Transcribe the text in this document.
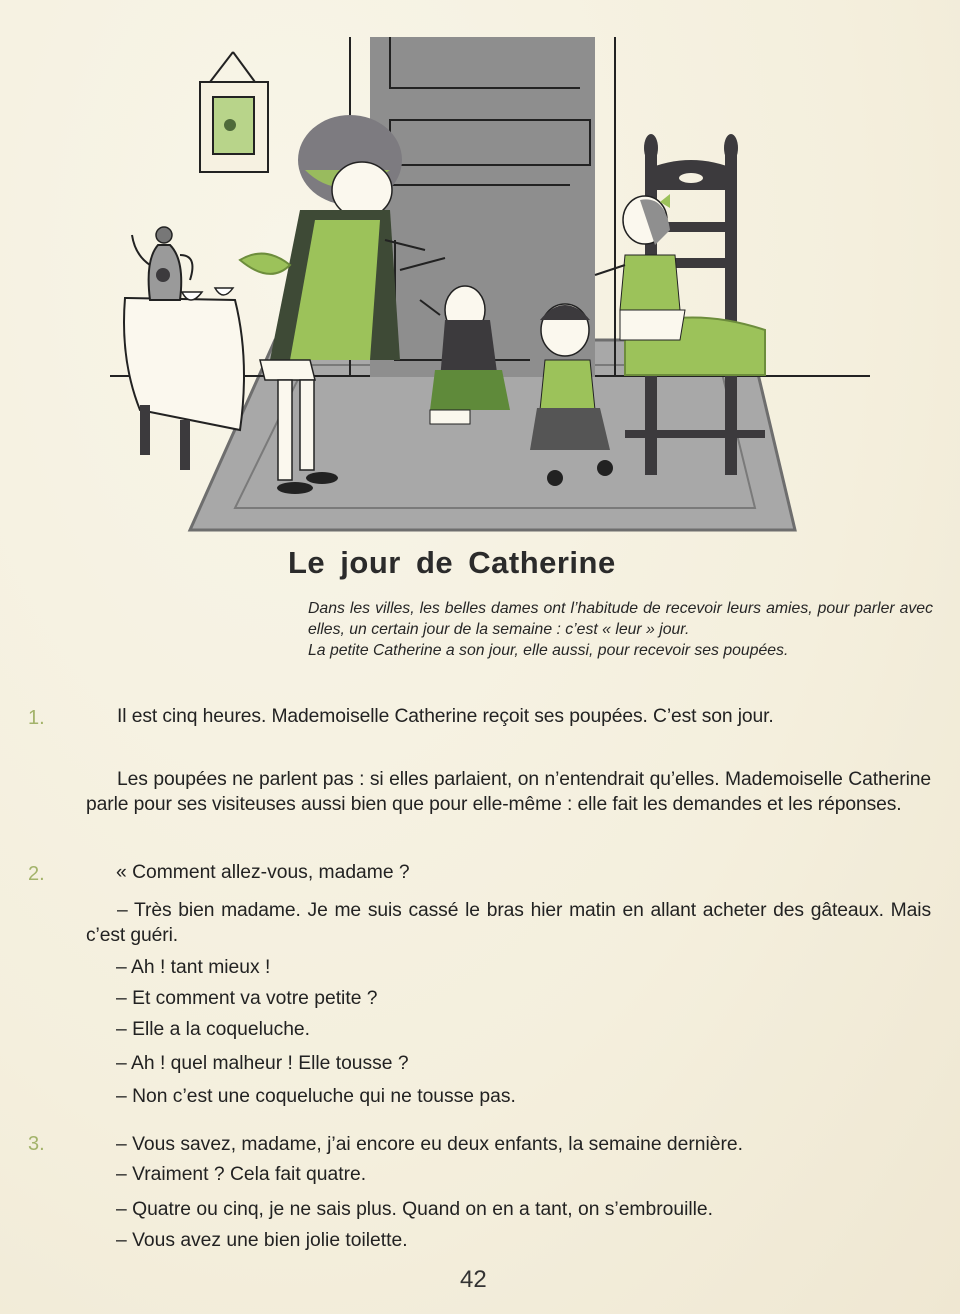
Le jour de Catherine

Dans les villes, les belles dames ont l’habitude de recevoir leurs amies, pour parler avec elles, un certain jour de la semaine : c’est « leur » jour.

La petite Catherine a son jour, elle aussi, pour recevoir ses poupées.

1.	Il est cinq heures. Mademoiselle Catherine reçoit ses poupées. C’est son jour.

Les poupées ne parlent pas : si elles parlaient, on n’entendrait qu’elles. Mademoiselle Catherine parle pour ses visiteuses aussi bien que pour elle-même : elle fait les demandes et les réponses.

2.	« Comment allez-vous, madame ?

– Très bien madame. Je me suis cassé le bras hier matin en allant acheter des gâteaux. Mais c’est guéri.

– Ah ! tant mieux !

– Et comment va votre petite ?

– Elle a la coqueluche.

– Ah ! quel malheur ! Elle tousse ?

– Non c’est une coqueluche qui ne tousse pas.

3.	– Vous savez, madame, j’ai encore eu deux enfants, la semaine dernière.

– Vraiment ? Cela fait quatre.

– Quatre ou cinq, je ne sais plus. Quand on en a tant, on s’embrouille.

– Vous avez une bien jolie toilette.

42
